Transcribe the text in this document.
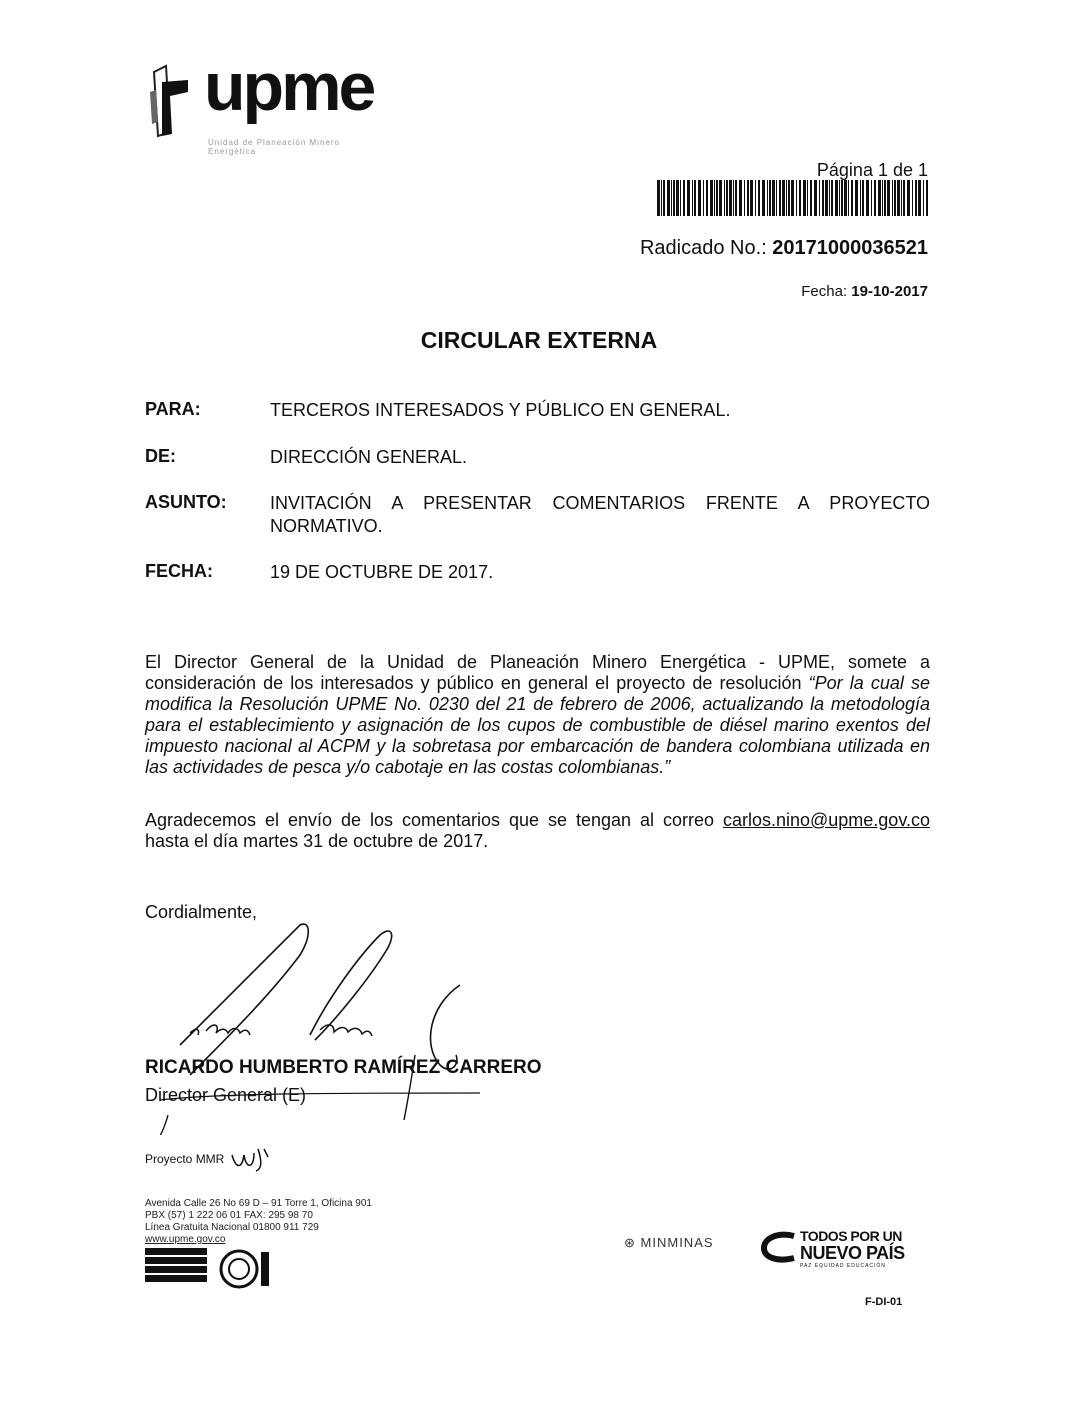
upme
Unidad de Planeación Minero Energética
Página 1 de 1
Radicado No.: 20171000036521
Fecha: 19-10-2017
CIRCULAR EXTERNA
PARA:	TERCEROS INTERESADOS Y PÚBLICO EN GENERAL.
DE:	DIRECCIÓN GENERAL.
ASUNTO: INVITACIÓN A PRESENTAR COMENTARIOS FRENTE A PROYECTO NORMATIVO.
FECHA:	19 DE OCTUBRE DE 2017.
El Director General de la Unidad de Planeación Minero Energética - UPME, somete a consideración de los interesados y público en general el proyecto de resolución “Por la cual se modifica la Resolución UPME No. 0230 del 21 de febrero de 2006, actualizando la metodología para el establecimiento y asignación de los cupos de combustible de diésel marino exentos del impuesto nacional al ACPM y la sobretasa por embarcación de bandera colombiana utilizada en las actividades de pesca y/o cabotaje en las costas colombianas.”
Agradecemos el envío de los comentarios que se tengan al correo carlos.nino@upme.gov.co hasta el día martes 31 de octubre de 2017.
Cordialmente,
RICARDO HUMBERTO RAMÍREZ CARRERO
Director General (E)
Proyecto MMR
Avenida Calle 26 No 69 D – 91 Torre 1, Oficina 901
PBX (57) 1 222 06 01 FAX: 295 98 70
Línea Gratuita Nacional 01800 911 729
www.upme.gov.co	⊛ MINMINAS	TODOS POR UN
NUEVO PAÍS
PAZ EQUIDAD EDUCACIÓN
F-DI-01
